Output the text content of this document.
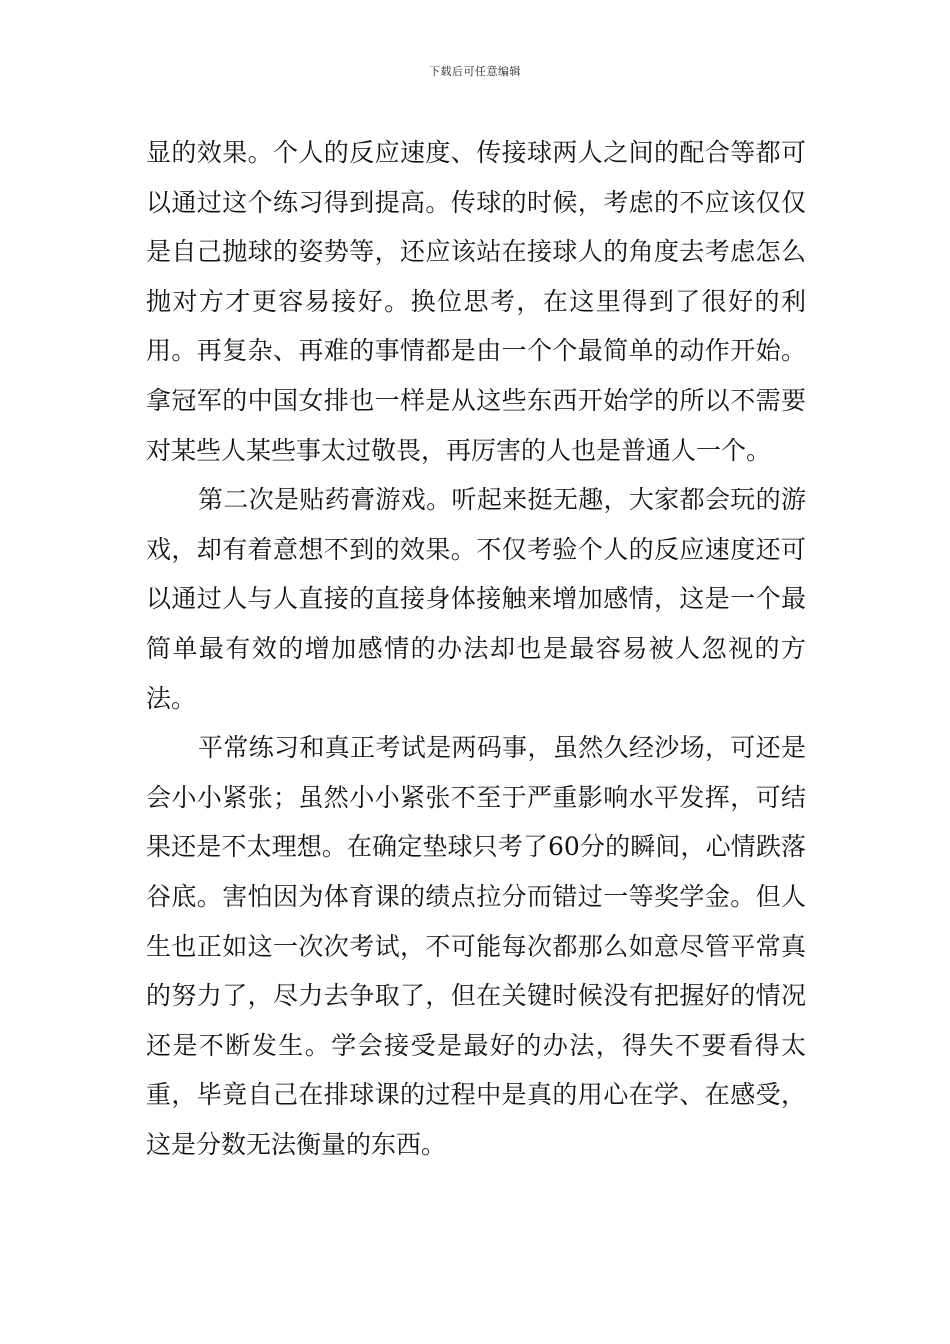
下载后可任意编辑

显的效果。个人的反应速度、传接球两人之间的配合等都可以通过这个练习得到提高。传球的时候，考虑的不应该仅仅是自己抛球的姿势等，还应该站在接球人的角度去考虑怎么抛对方才更容易接好。换位思考，在这里得到了很好的利用。再复杂、再难的事情都是由一个个最简单的动作开始。拿冠军的中国女排也一样是从这些东西开始学的所以不需要对某些人某些事太过敬畏，再厉害的人也是普通人一个。

第二次是贴药膏游戏。听起来挺无趣，大家都会玩的游戏，却有着意想不到的效果。不仅考验个人的反应速度还可以通过人与人直接的直接身体接触来增加感情，这是一个最简单最有效的增加感情的办法却也是最容易被人忽视的方法。

平常练习和真正考试是两码事，虽然久经沙场，可还是会小小紧张；虽然小小紧张不至于严重影响水平发挥，可结果还是不太理想。在确定垫球只考了60分的瞬间，心情跌落谷底。害怕因为体育课的绩点拉分而错过一等奖学金。但人生也正如这一次次考试，不可能每次都那么如意尽管平常真的努力了，尽力去争取了，但在关键时候没有把握好的情况还是不断发生。学会接受是最好的办法，得失不要看得太重，毕竟自己在排球课的过程中是真的用心在学、在感受，这是分数无法衡量的东西。
